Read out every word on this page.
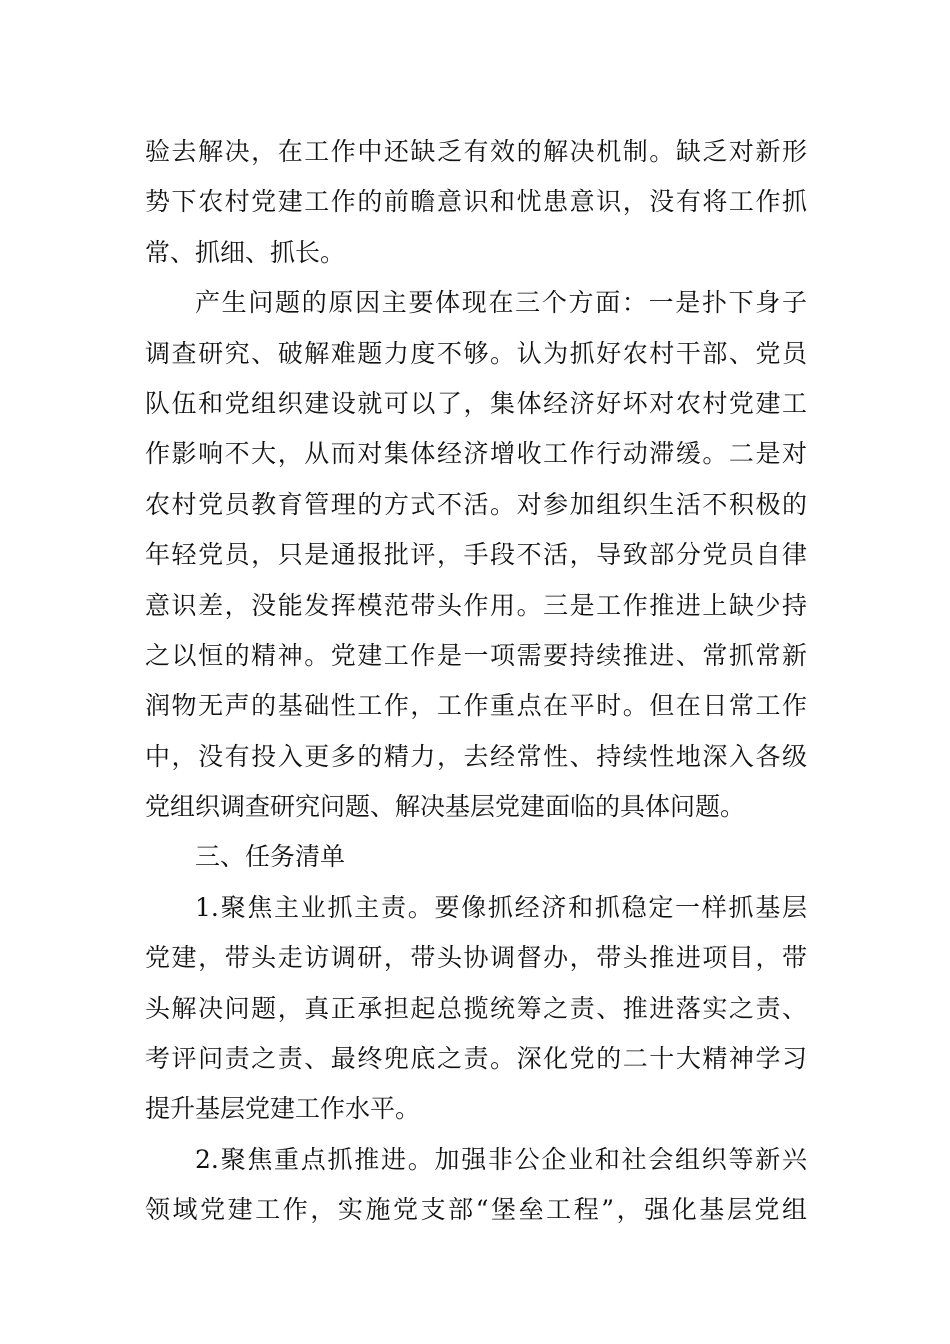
验去解决，在工作中还缺乏有效的解决机制。缺乏对新形
势下农村党建工作的前瞻意识和忧患意识，没有将工作抓
常、抓细、抓长。
产生问题的原因主要体现在三个方面：一是扑下身子
调查研究、破解难题力度不够。认为抓好农村干部、党员
队伍和党组织建设就可以了，集体经济好坏对农村党建工
作影响不大，从而对集体经济增收工作行动滞缓。二是对
农村党员教育管理的方式不活。对参加组织生活不积极的
年轻党员，只是通报批评，手段不活，导致部分党员自律
意识差，没能发挥模范带头作用。三是工作推进上缺少持
之以恒的精神。党建工作是一项需要持续推进、常抓常新
润物无声的基础性工作，工作重点在平时。但在日常工作
中，没有投入更多的精力，去经常性、持续性地深入各级
党组织调查研究问题、解决基层党建面临的具体问题。
三、任务清单
1.聚焦主业抓主责。要像抓经济和抓稳定一样抓基层
党建，带头走访调研，带头协调督办，带头推进项目，带
头解决问题，真正承担起总揽统筹之责、推进落实之责、
考评问责之责、最终兜底之责。深化党的二十大精神学习
提升基层党建工作水平。
2.聚焦重点抓推进。加强非公企业和社会组织等新兴
领域党建工作，实施党支部“堡垒工程”，强化基层党组
